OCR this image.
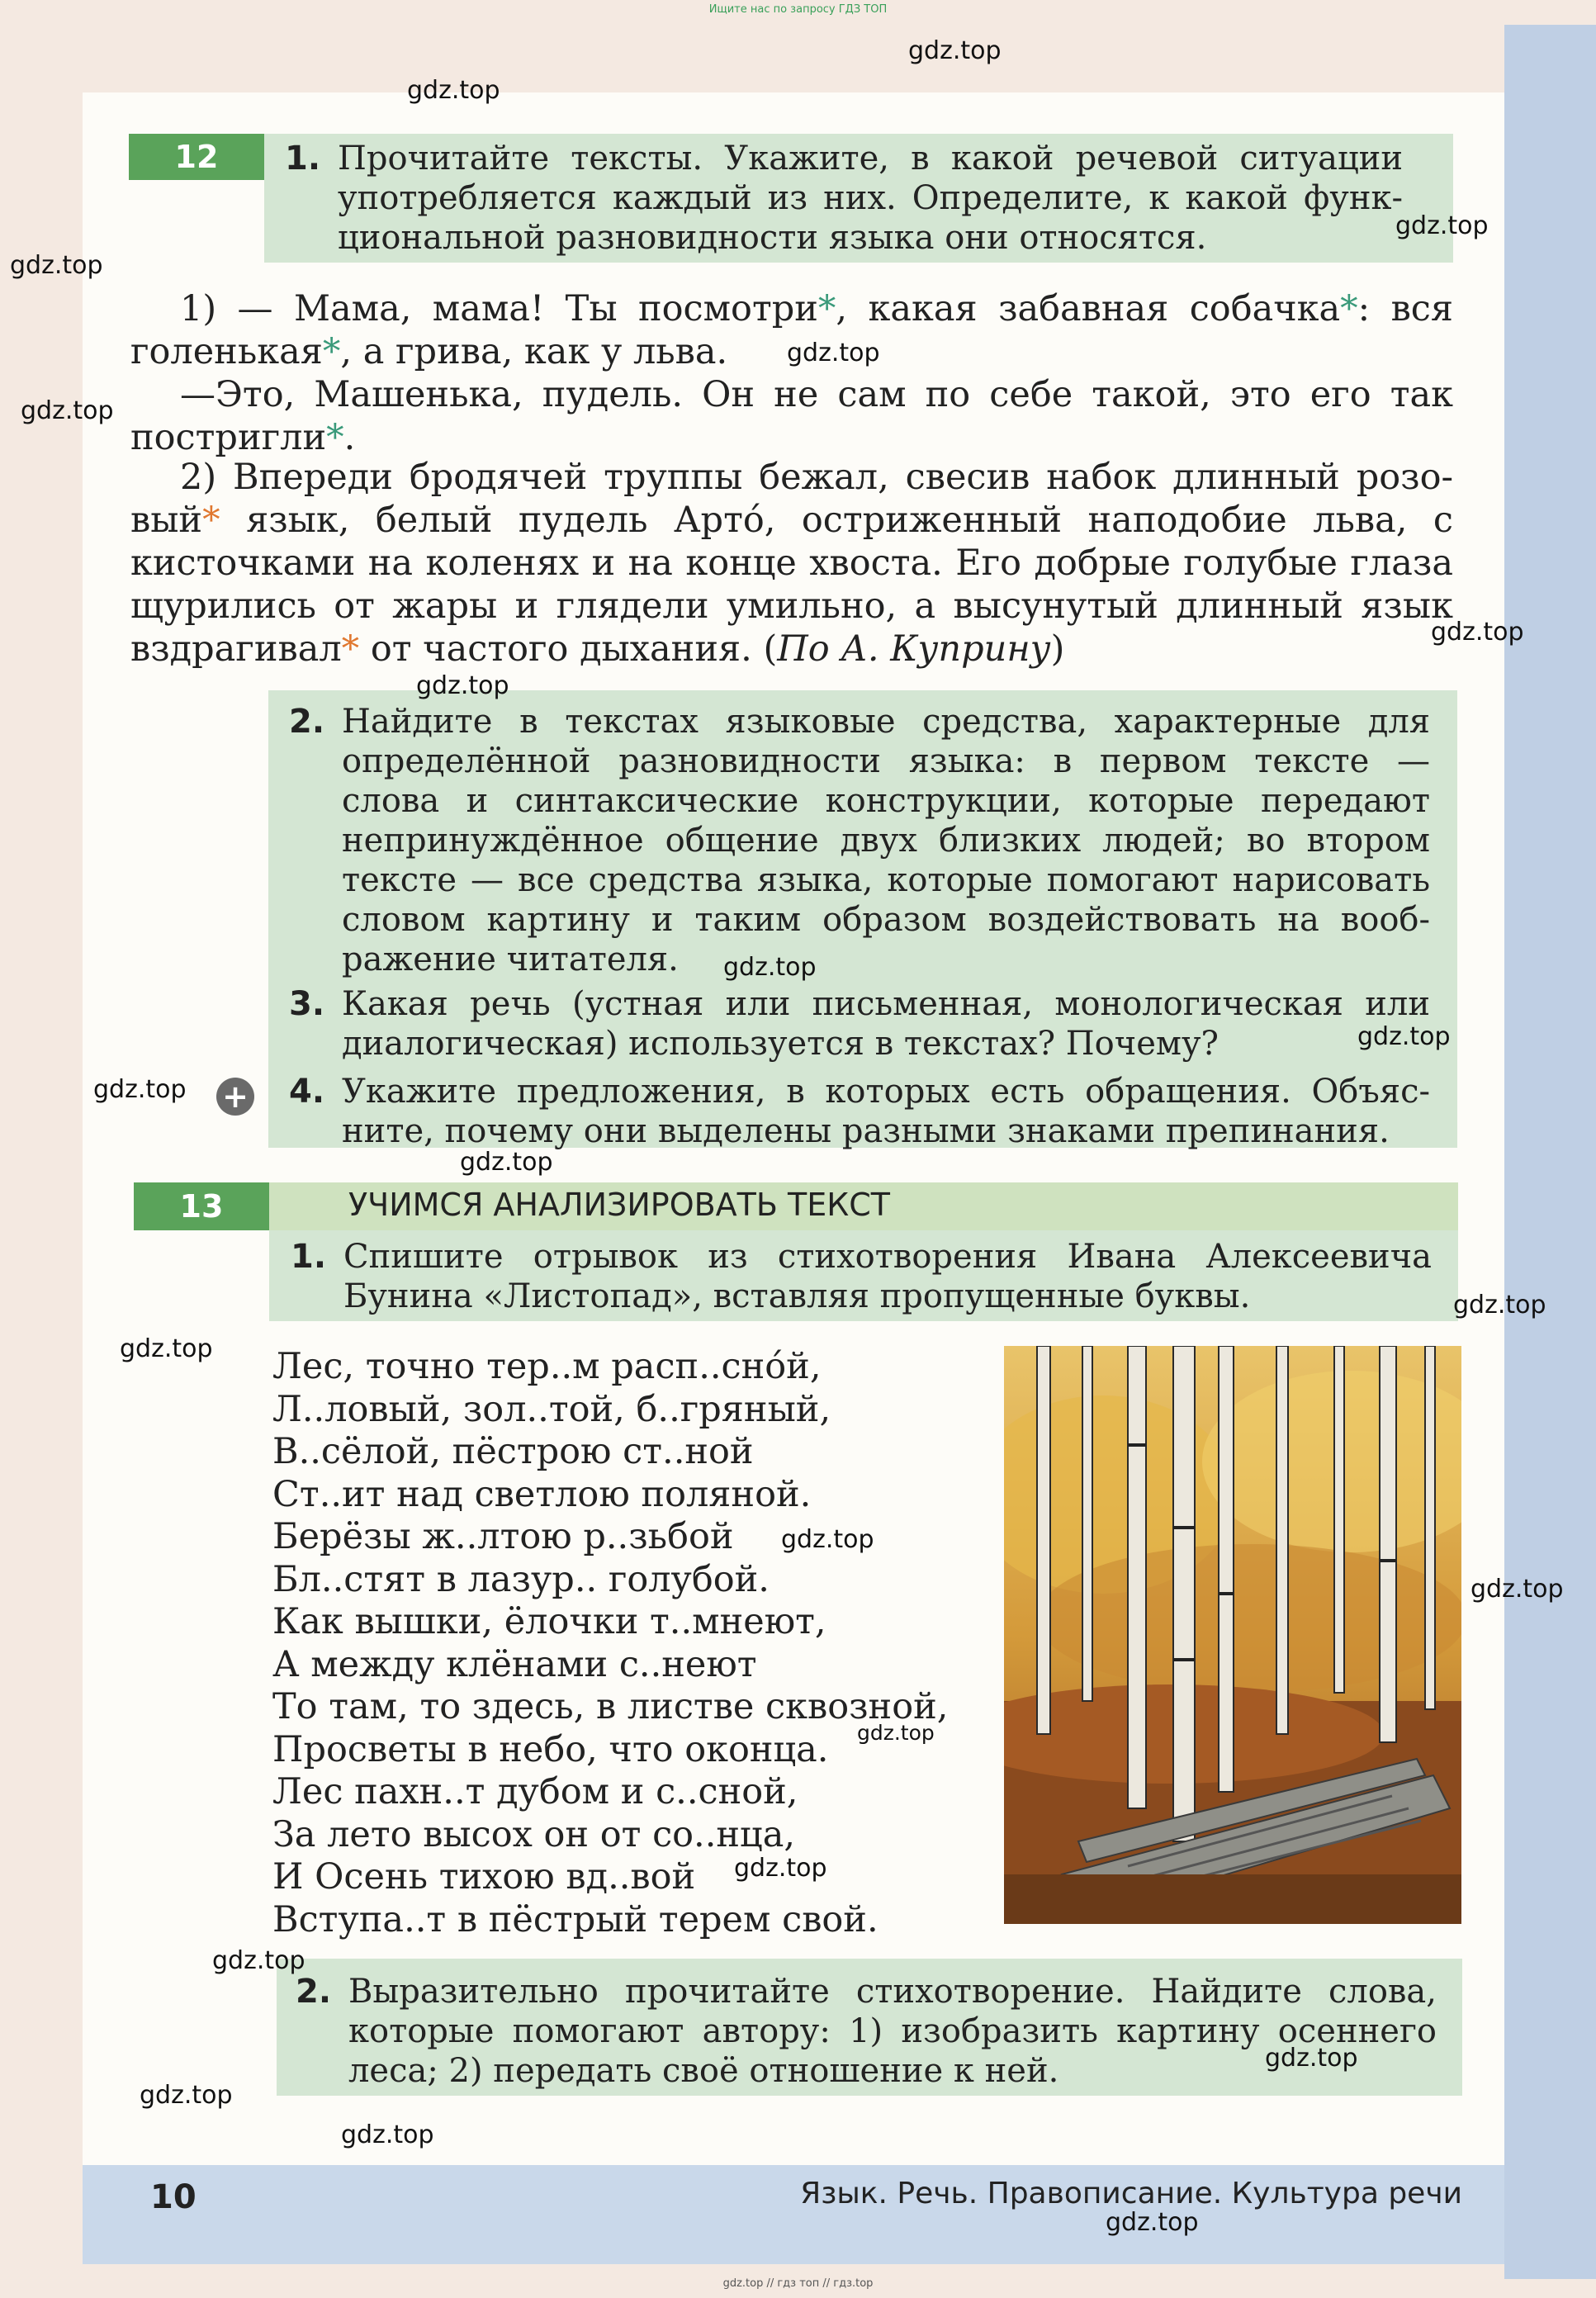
Ищите нас по запросу ГДЗ ТОП
12	1. Прочитайте тексты. Укажите, в какой речевой ситуации употребляется каждый из них. Определите, к какой функциональной разновидности языка они относятся.

1) — Мама, мама! Ты посмотри*, какая забавная собачка*: вся голенькая*, а грива, как у льва.

—Это, Машенька, пудель. Он не сам по себе такой, это его так постригли*.

2) Впереди бродячей труппы бежал, свесив набок длинный розовый* язык, белый пудель Арто́, остриженный наподобие льва, с кисточками на коленях и на конце хвоста. Его добрые голубые глаза щурились от жары и глядели умильно, а высунутый длинный язык вздрагивал* от частого дыхания. (По А. Куприну)

2. Найдите в текстах языковые средства, характерные для определённой разновидности языка: в первом тексте — слова и синтаксические конструкции, которые передают непринуждённое общение двух близких людей; во втором тексте — все средства языка, которые помогают нарисовать словом картину и таким образом воздействовать на воображение читателя.
3. Какая речь (устная или письменная, монологическая или диалогическая) используется в текстах? Почему?
+ 4. Укажите предложения, в которых есть обращения. Объясните, почему они выделены разными знаками препинания.
13	УЧИМСЯ АНАЛИЗИРОВАТЬ ТЕКСТ
1. Спишите отрывок из стихотворения Ивана Алексеевича Бунина «Листопад», вставляя пропущенные буквы.
Лес, точно тер..м расп..сно́й,
Л..ловый, зол..той, б..гряный,
В..сёлой, пёстрою ст..ной
Ст..ит над светлою поляной.
Берёзы ж..лтою р..зьбой
Бл..стят в лазур.. голубой.
Как вышки, ёлочки т..мнеют,
А между клёнами с..неют
То там, то здесь, в листве сквозной,
Просветы в небо, что оконца.
Лес пахн..т дубом и с..сной,
За лето высох он от со..нца,
И Осень тихою вд..вой
Вступа..т в пёстрый терем свой.
2. Выразительно прочитайте стихотворение. Найдите слова, которые помогают автору: 1) изобразить картину осеннего леса; 2) передать своё отношение к ней.
10	Язык. Речь. Правописание. Культура речи
gdz.top // гдз топ // гдз.top
gdz.top
gdz.top
gdz.top
gdz.top
gdz.top
gdz.top
gdz.top
gdz.top
gdz.top
gdz.top
gdz.top
gdz.top
gdz.top
gdz.top
gdz.top
gdz.top
gdz.top
gdz.top
gdz.top
gdz.top
gdz.top
gdz.top
gdz.top
